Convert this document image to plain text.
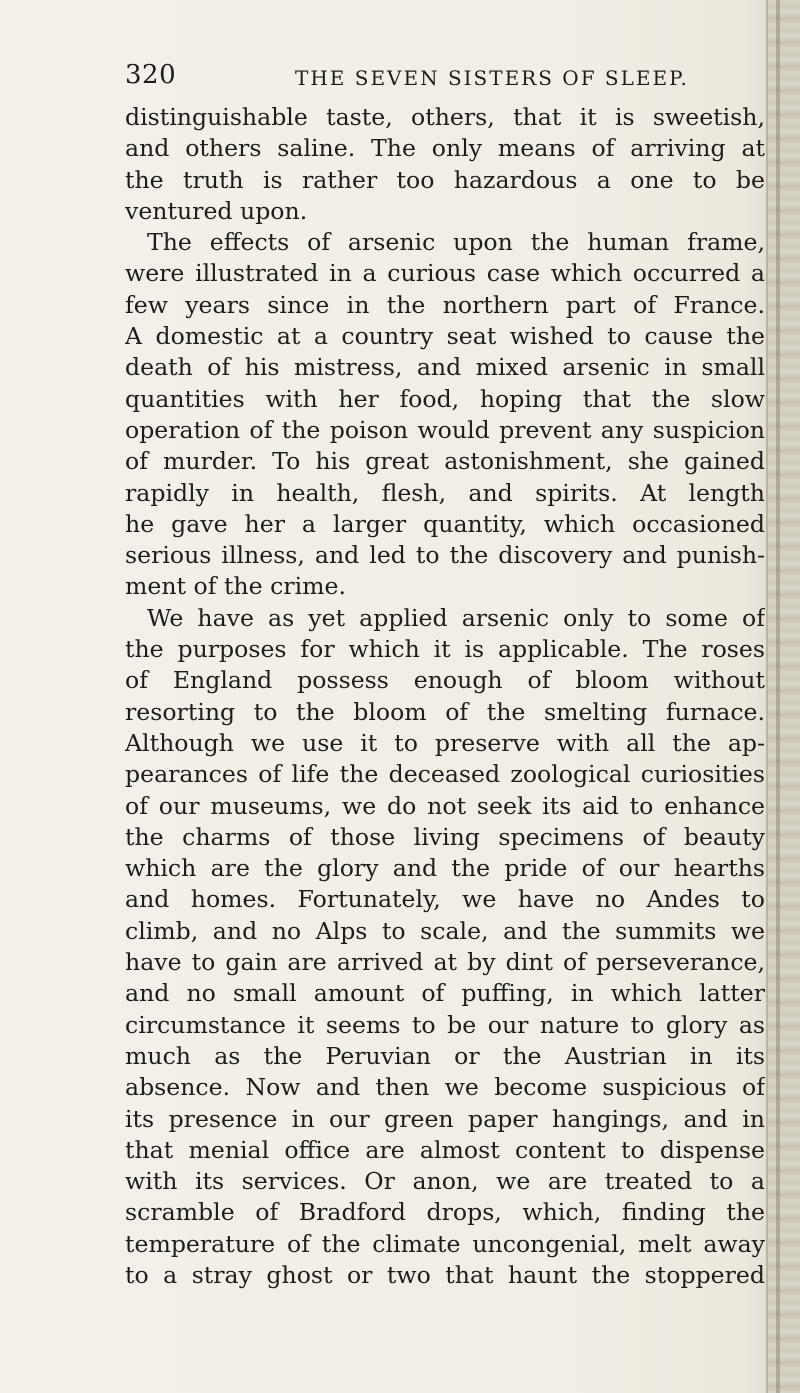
320	THE SEVEN SISTERS OF SLEEP.
distinguishable taste, others, that it is sweetish,
and others saline. The only means of arriving at
the truth is rather too hazardous a one to be
ventured upon.
The effects of arsenic upon the human frame,
were illustrated in a curious case which occurred a
few years since in the northern part of France.
A domestic at a country seat wished to cause the
death of his mistress, and mixed arsenic in small
quantities with her food, hoping that the slow
operation of the poison would prevent any suspicion
of murder. To his great astonishment, she gained
rapidly in health, flesh, and spirits. At length
he gave her a larger quantity, which occasioned
serious illness, and led to the discovery and punish-
ment of the crime.
We have as yet applied arsenic only to some of
the purposes for which it is applicable. The roses
of England possess enough of bloom without
resorting to the bloom of the smelting furnace.
Although we use it to preserve with all the ap-
pearances of life the deceased zoological curiosities
of our museums, we do not seek its aid to enhance
the charms of those living specimens of beauty
which are the glory and the pride of our hearths
and homes. Fortunately, we have no Andes to
climb, and no Alps to scale, and the summits we
have to gain are arrived at by dint of perseverance,
and no small amount of puffing, in which latter
circumstance it seems to be our nature to glory as
much as the Peruvian or the Austrian in its
absence. Now and then we become suspicious of
its presence in our green paper hangings, and in
that menial office are almost content to dispense
with its services. Or anon, we are treated to a
scramble of Bradford drops, which, finding the
temperature of the climate uncongenial, melt away
to a stray ghost or two that haunt the stoppered
